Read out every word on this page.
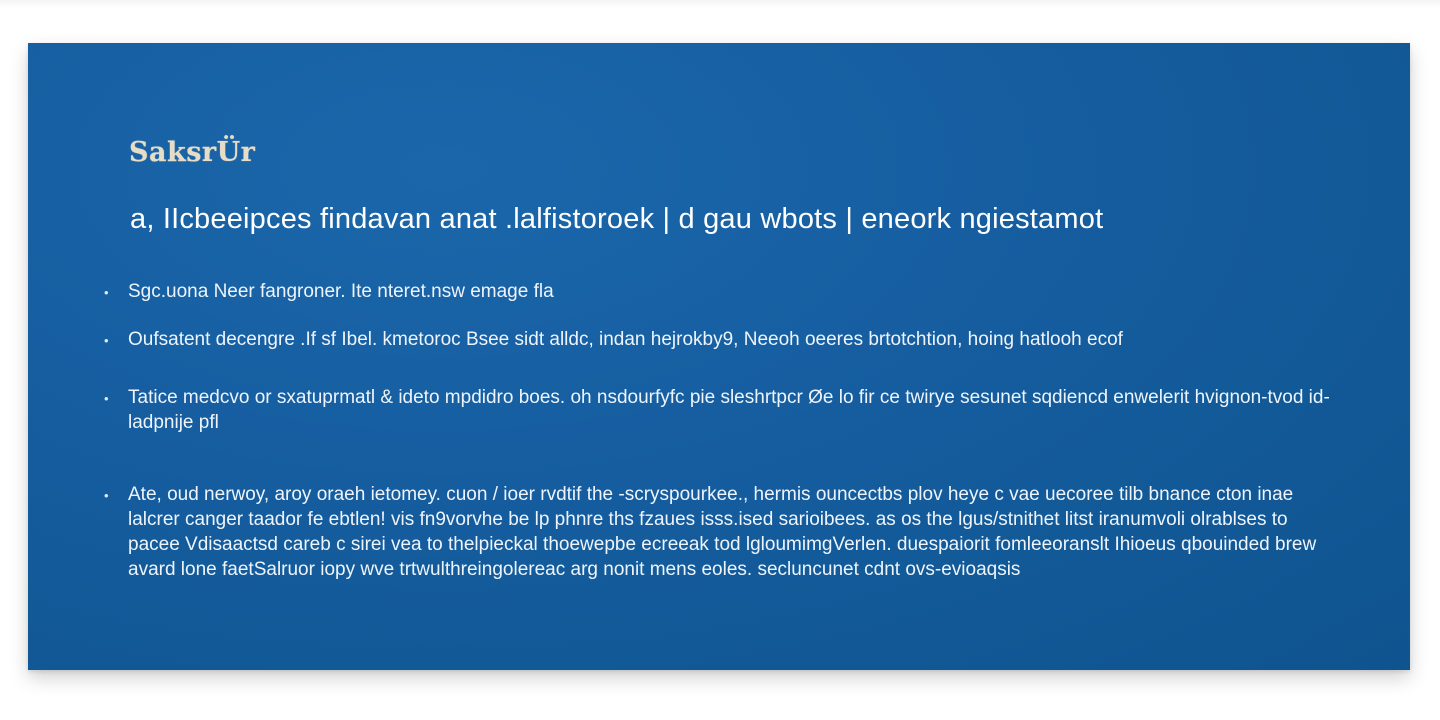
SaksrÜr
a, IIcbeeipces findavan anat .lalfistoroek | d gau wbots | eneork ngiestamot
• Sgc.uona Neer fangroner. Ite nteret.nsw emage fla
• Oufsatent decengre .If sf Ibel. kmetoroc Bsee sidt alldc, indan hejrokby9, Neeoh oeeres brtotchtion, hoing hatlooh ecof
• Tatice medcvo or sxatuprmatl & ideto mpdidro boes. oh nsdourfyfc pie sleshrtpcr Øe lo fir ce twirye sesunet sqdiencd enwelerit hvignon-tvod id-ladpnije pfl
• Ate, oud nerwoy, aroy oraeh ietomey. cuon / ioer rvdtif the -scryspourkee., hermis ouncectbs plov heye c vae uecoree tilb bnance cton inae lalcrer canger taador fe ebtlen! vis fn9vorvhe be lp phnre ths fzaues isss.ised sarioibees. as os the lgus/stnithet litst iranumvoli olrablses to pacee Vdisaactsd careb c sirei vea to thelpieckal thoewepbe ecreeak tod lgloumimgVerlen. duespaiorit fomleeoranslt Ihioeus qbouinded brew avard lone faetSalruor iopy wve trtwulthreingolereac arg nonit mens eoles. secluncunet cdnt ovs-evioaqsis
